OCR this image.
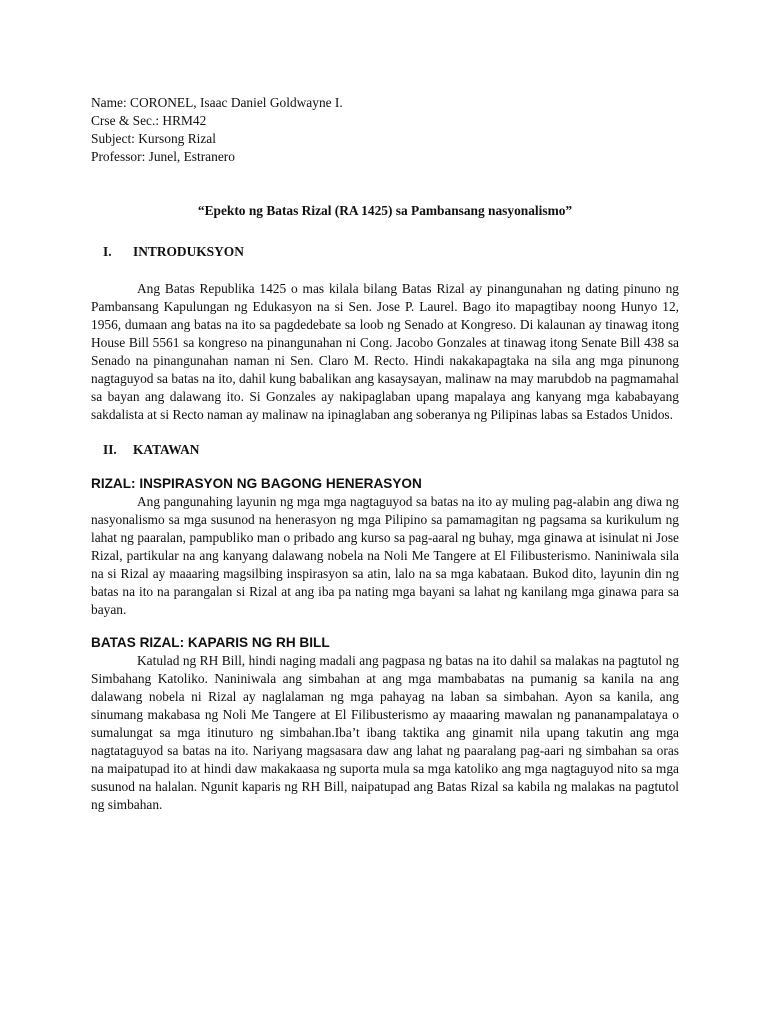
Name: CORONEL, Isaac Daniel Goldwayne I.

Crse & Sec.: HRM42

Subject: Kursong Rizal

Professor: Junel, Estranero

“Epekto ng Batas Rizal (RA 1425) sa Pambansang nasyonalismo”

I.	INTRODUKSYON

Ang Batas Republika 1425 o mas kilala bilang Batas Rizal ay pinangunahan ng dating pinuno ng Pambansang Kapulungan ng Edukasyon na si Sen. Jose P. Laurel. Bago ito mapagtibay noong Hunyo 12, 1956, dumaan ang batas na ito sa pagdedebate sa loob ng Senado at Kongreso. Di kalaunan ay tinawag itong House Bill 5561 sa kongreso na pinangunahan ni Cong. Jacobo Gonzales at tinawag itong Senate Bill 438 sa Senado na pinangunahan naman ni Sen. Claro M. Recto. Hindi nakakapagtaka na sila ang mga pinunong nagtaguyod sa batas na ito, dahil kung babalikan ang kasaysayan, malinaw na may marubdob na pagmamahal sa bayan ang dalawang ito. Si Gonzales ay nakipaglaban upang mapalaya ang kanyang mga kababayang sakdalista at si Recto naman ay malinaw na ipinaglaban ang soberanya ng Pilipinas labas sa Estados Unidos.

II.	KATAWAN

RIZAL: INSPIRASYON NG BAGONG HENERASYON

Ang pangunahing layunin ng mga mga nagtaguyod sa batas na ito ay muling pag-alabin ang diwa ng nasyonalismo sa mga susunod na henerasyon ng mga Pilipino sa pamamagitan ng pagsama sa kurikulum ng lahat ng paaralan, pampubliko man o pribado ang kurso sa pag-aaral ng buhay, mga ginawa at isinulat ni Jose Rizal, partikular na ang kanyang dalawang nobela na Noli Me Tangere at El Filibusterismo. Naniniwala sila na si Rizal ay maaaring magsilbing inspirasyon sa atin, lalo na sa mga kabataan. Bukod dito, layunin din ng batas na ito na parangalan si Rizal at ang iba pa nating mga bayani sa lahat ng kanilang mga ginawa para sa bayan.

BATAS RIZAL: KAPARIS NG RH BILL

Katulad ng RH Bill, hindi naging madali ang pagpasa ng batas na ito dahil sa malakas na pagtutol ng Simbahang Katoliko. Naniniwala ang simbahan at ang mga mambabatas na pumanig sa kanila na ang dalawang nobela ni Rizal ay naglalaman ng mga pahayag na laban sa simbahan. Ayon sa kanila, ang sinumang makabasa ng Noli Me Tangere at El Filibusterismo ay maaaring mawalan ng pananampalataya o sumalungat sa mga itinuturo ng simbahan.Iba’t ibang taktika ang ginamit nila upang takutin ang mga nagtataguyod sa batas na ito. Nariyang magsasara daw ang lahat ng paaralang pag-aari ng simbahan sa oras na maipatupad ito at hindi daw makakaasa ng suporta mula sa mga katoliko ang mga nagtaguyod nito sa mga susunod na halalan. Ngunit kaparis ng RH Bill, naipatupad ang Batas Rizal sa kabila ng malakas na pagtutol ng simbahan.
